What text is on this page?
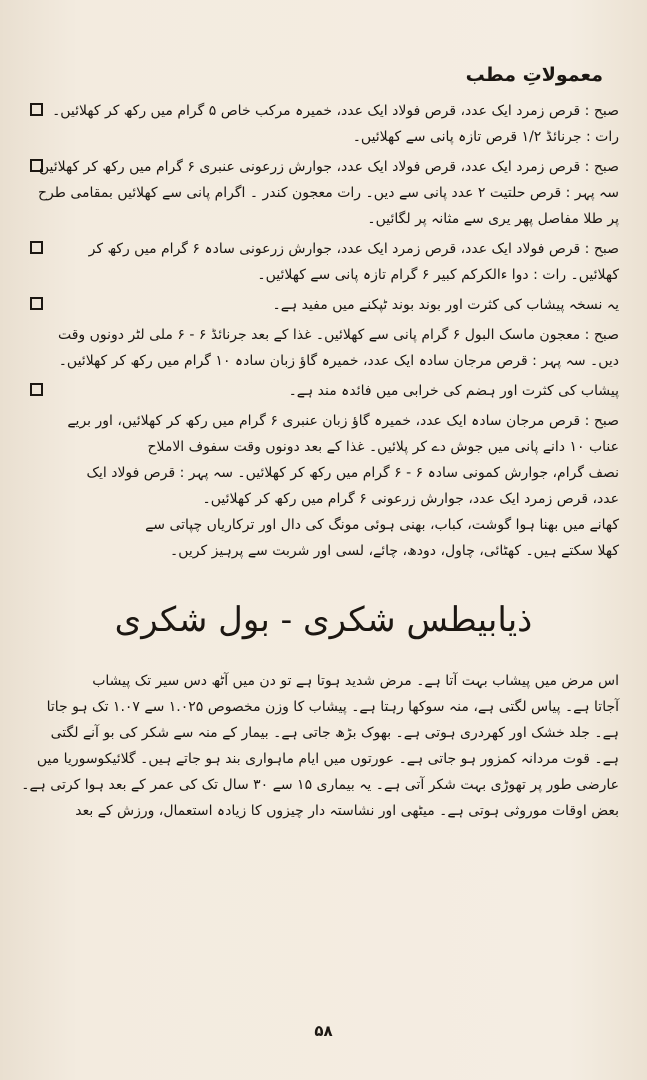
معمولاتِ مطب
صبح : قرص زمرد ایک عدد، قرص فولاد ایک عدد، خمیرہ مرکب خاص ۵ گرام میں رکھ کر کھلائیں۔
رات : جرنائڈ ۱/۲ قرص تازہ پانی سے کھلائیں۔
صبح : قرص زمرد ایک عدد، قرص فولاد ایک عدد، جوارش زرعونی عنبری ۶ گرام میں رکھ کر کھلائیں
سہ پہر : قرص حلتیت ۲ عدد پانی سے دیں۔ رات معجون کندر ۔ اگرام پانی سے کھلائیں بمقامی طرح
پر طلا مفاصل پھر یری سے مثانہ پر لگائیں۔
صبح : قرص فولاد ایک عدد، قرص زمرد ایک عدد، جوارش زرعونی سادہ ۶ گرام میں رکھ کر
کھلائیں۔ رات : دوا ءالکرکم کبیر ۶ گرام تازہ پانی سے کھلائیں۔
یہ نسخہ پیشاب کی کثرت اور بوند بوند ٹپکنے میں مفید ہے۔
صبح : معجون ماسک البول ۶ گرام پانی سے کھلائیں۔ غذا کے بعد جرنائڈ ۶ - ۶ ملی لٹر دونوں وقت
دیں۔ سہ پہر : قرص مرجان سادہ ایک عدد، خمیرہ گاؤ زبان سادہ ۱۰ گرام میں رکھ کر کھلائیں۔
پیشاب کی کثرت اور ہضم کی خرابی میں فائدہ مند ہے۔
صبح : قرص مرجان سادہ ایک عدد، خمیرہ گاؤ زبان عنبری ۶ گرام میں رکھ کر کھلائیں، اور بریے
عناب ۱۰ دانے پانی میں جوش دے کر پلائیں۔ غذا کے بعد دونوں وقت سفوف الاملاح
نصف گرام، جوارش کمونی سادہ ۶ - ۶ گرام میں رکھ کر کھلائیں۔ سہ پہر : قرص فولاد ایک
عدد، قرص زمرد ایک عدد، جوارش زرعونی ۶ گرام میں رکھ کر کھلائیں۔
کھانے میں بھنا ہوا گوشت، کباب، بھنی ہوئی مونگ کی دال اور ترکاریاں چپاتی سے
کھلا سکتے ہیں۔ کھٹائی، چاول، دودھ، چائے، لسی اور شربت سے پرہیز کریں۔
ذیابیطس شکری - بول شکری
اس مرض میں پیشاب بہت آتا ہے۔ مرض شدید ہوتا ہے تو دن میں آٹھ دس سیر تک پیشاب
آجاتا ہے۔ پیاس لگتی ہے، منہ سوکھا رہتا ہے۔ پیشاب کا وزن مخصوص ۱.۰۲۵ سے ۱.۰۷ تک ہو جاتا
ہے۔ جلد خشک اور کھردری ہوتی ہے۔ بھوک بڑھ جاتی ہے۔ بیمار کے منہ سے شکر کی بو آنے لگتی
ہے۔ قوت مردانہ کمزور ہو جاتی ہے۔ عورتوں میں ایام ماہواری بند ہو جاتے ہیں۔ گلائیکوسوریا میں
عارضی طور پر تھوڑی بہت شکر آتی ہے۔ یہ بیماری ۱۵ سے ۳۰ سال تک کی عمر کے بعد ہوا کرتی ہے۔
بعض اوقات موروثی ہوتی ہے۔ میٹھی اور نشاستہ دار چیزوں کا زیادہ استعمال، ورزش کے بعد
۵۸
